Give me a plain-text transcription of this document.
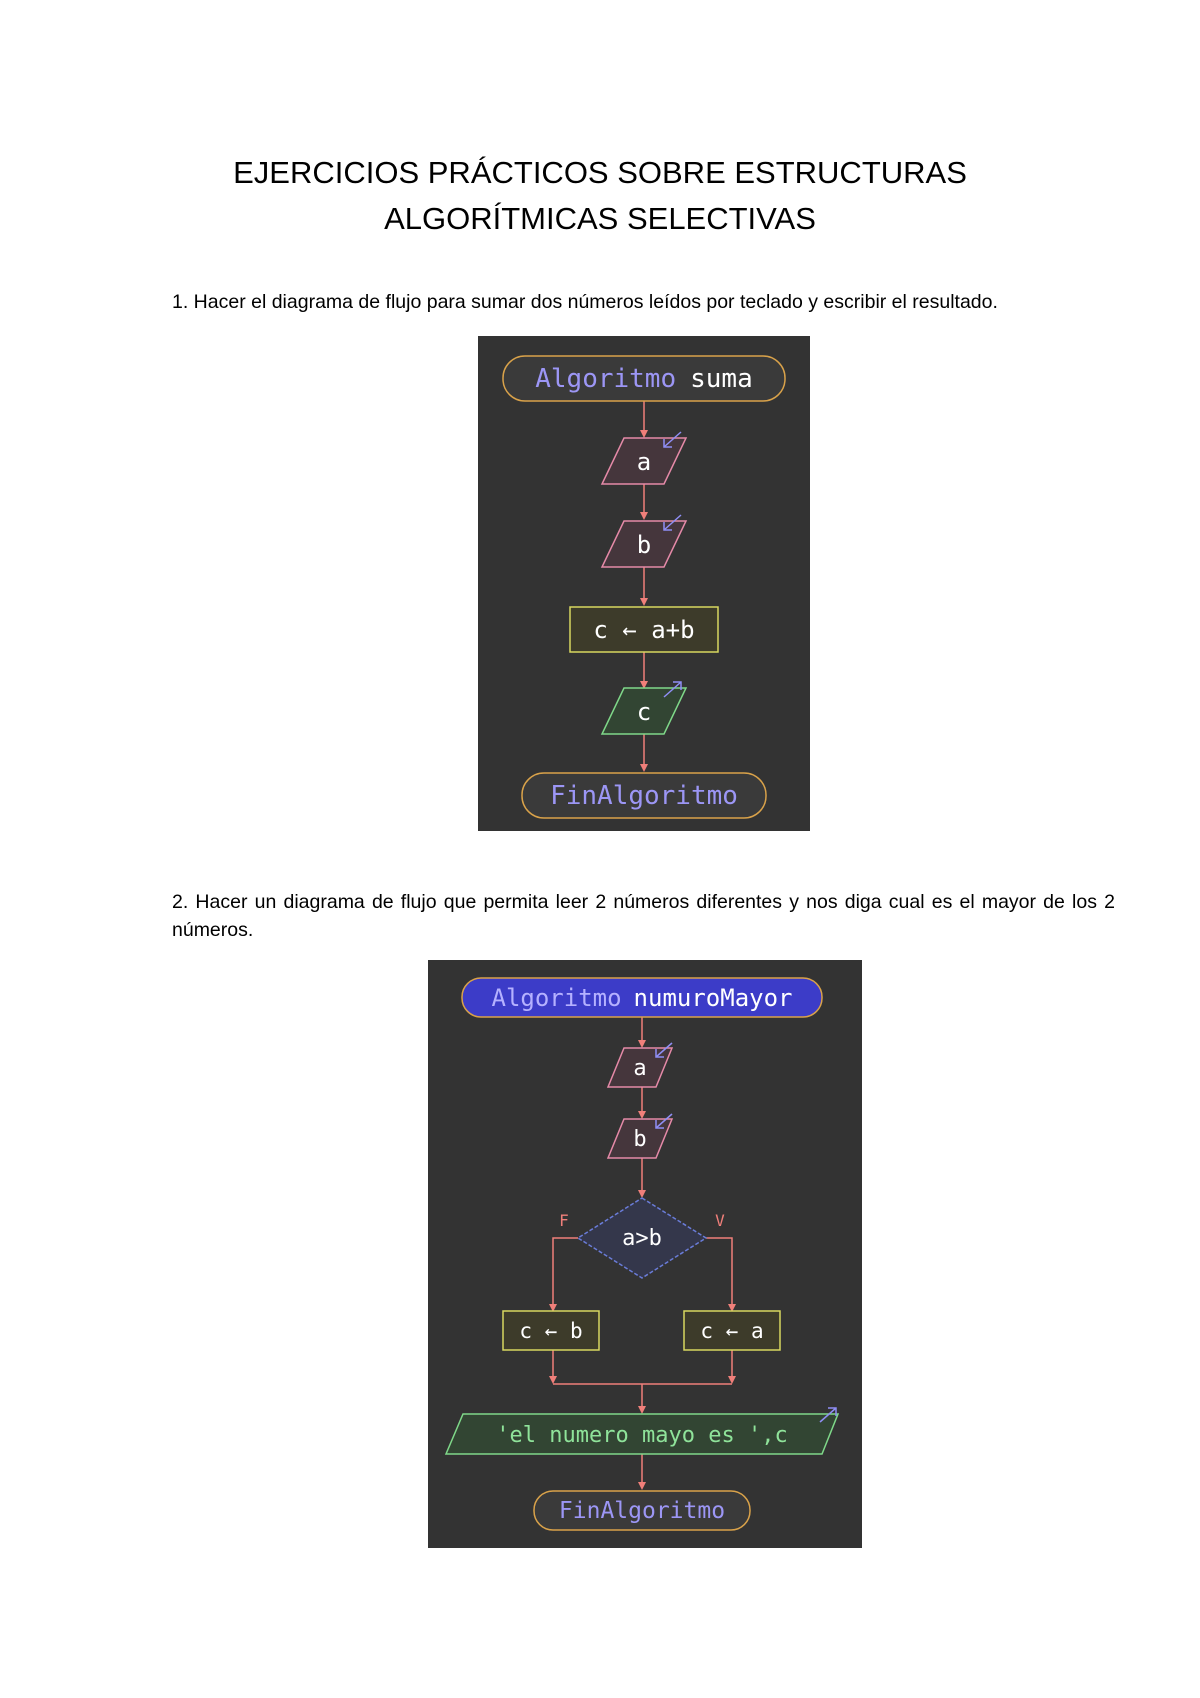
EJERCICIOS PRÁCTICOS SOBRE ESTRUCTURAS
ALGORÍTMICAS SELECTIVAS
1. Hacer el diagrama de flujo para sumar dos números leídos por teclado y escribir el resultado.
Algoritmo suma
a
b
c ← a+b
c
FinAlgoritmo
2. Hacer un diagrama de flujo que permita leer 2 números diferentes y nos diga cual es el mayor de los 2 números.
Algoritmo numuroMayor
a
b
a>b
F	V
c ← b	c ← a
'el numero mayo es ',c
FinAlgoritmo
